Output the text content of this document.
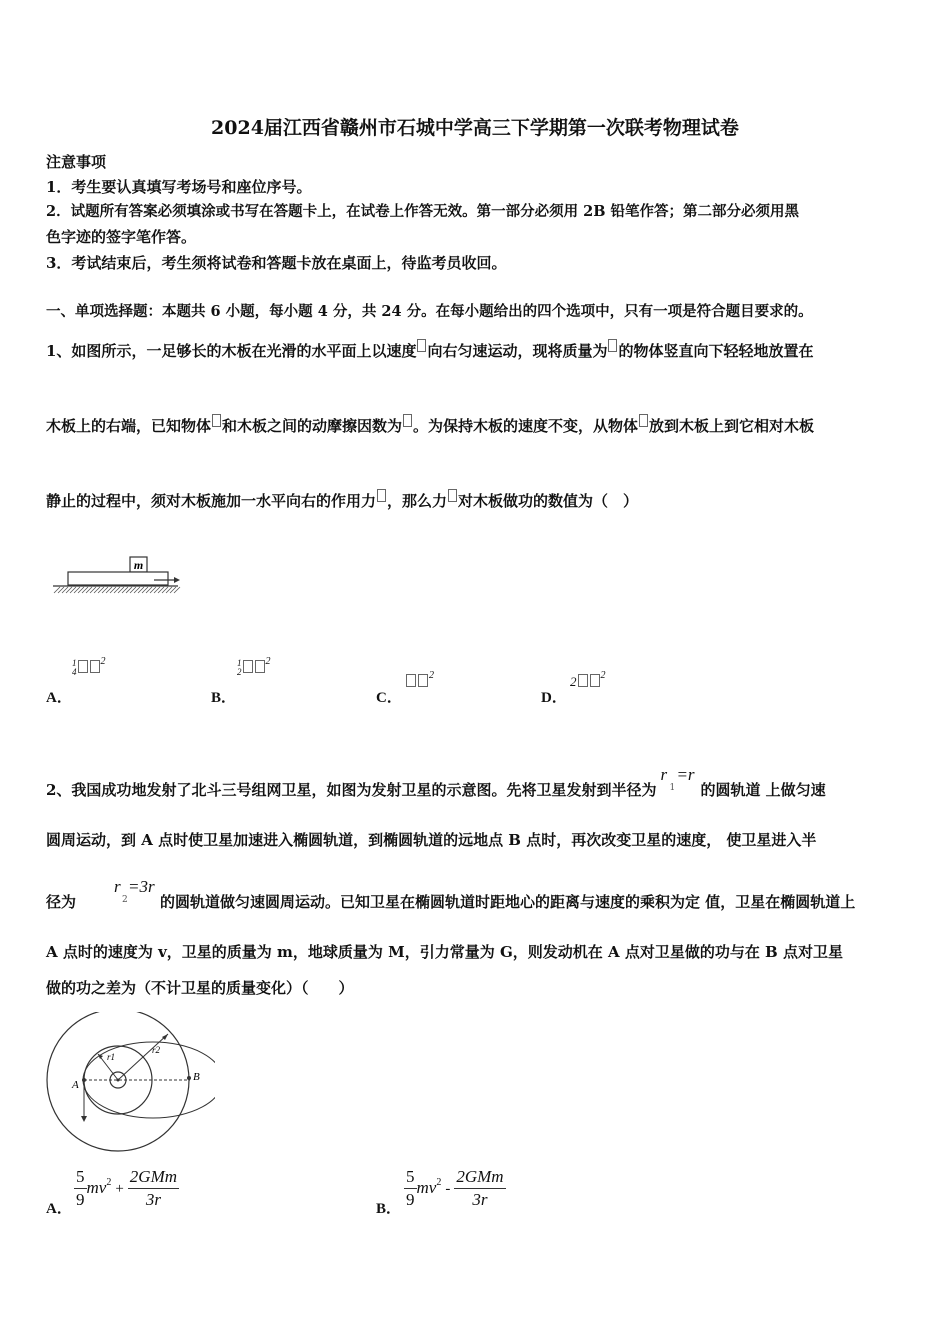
2024届江西省赣州市石城中学高三下学期第一次联考物理试卷
注意事项
1．考生要认真填写考场号和座位序号。
2．试题所有答案必须填涂或书写在答题卡上，在试卷上作答无效。第一部分必须用 2B 铅笔作答；第二部分必须用黑
色字迹的签字笔作答。
3．考试结束后，考生须将试卷和答题卡放在桌面上，待监考员收回。
一、单项选择题：本题共 6 小题，每小题 4 分，共 24 分。在每小题给出的四个选项中，只有一项是符合题目要求的。
1、如图所示，一足够长的木板在光滑的水平面上以速度 向右匀速运动，现将质量为 的物体竖直向下轻轻地放置在
木板上的右端，已知物体 和木板之间的动摩擦因数为 。为保持木板的速度不变，从物体 放到木板上到它相对木板
静止的过程中，须对木板施加一水平向右的作用力 ，那么力 对木板做功的数值为（　）
m
A．
1
$4^2$
B．
1
$2^2$
C．
$^2$
D．
2 $^2$
2、我国成功地发射了北斗三号组网卫星，如图为发射卫星的示意图。先将卫星发射到半径为
r
1
=r
的圆轨道 上做匀速
圆周运动，到 A 点时使卫星加速进入椭圆轨道，到椭圆轨道的远地点 B 点时，再次改变卫星的速度， 使卫星进入半
径为
r
2
=3r
的圆轨道做匀速圆周运动。已知卫星在椭圆轨道时距地心的距离与速度的乘积为定 值，卫星在椭圆轨道上
A 点时的速度为 v，卫星的质量为 m，地球质量为 M，引力常量为 G，则发动机在 A 点对卫星做的功与在 B 点对卫星
做的功之差为（不计卫星的质量变化）（　　）
A
B
r1
r2
A． $\frac{5}{9} mv^2$ +
2GMm
3r	B． $\frac{5}{9} mv^2$ -
2GMm
3r
